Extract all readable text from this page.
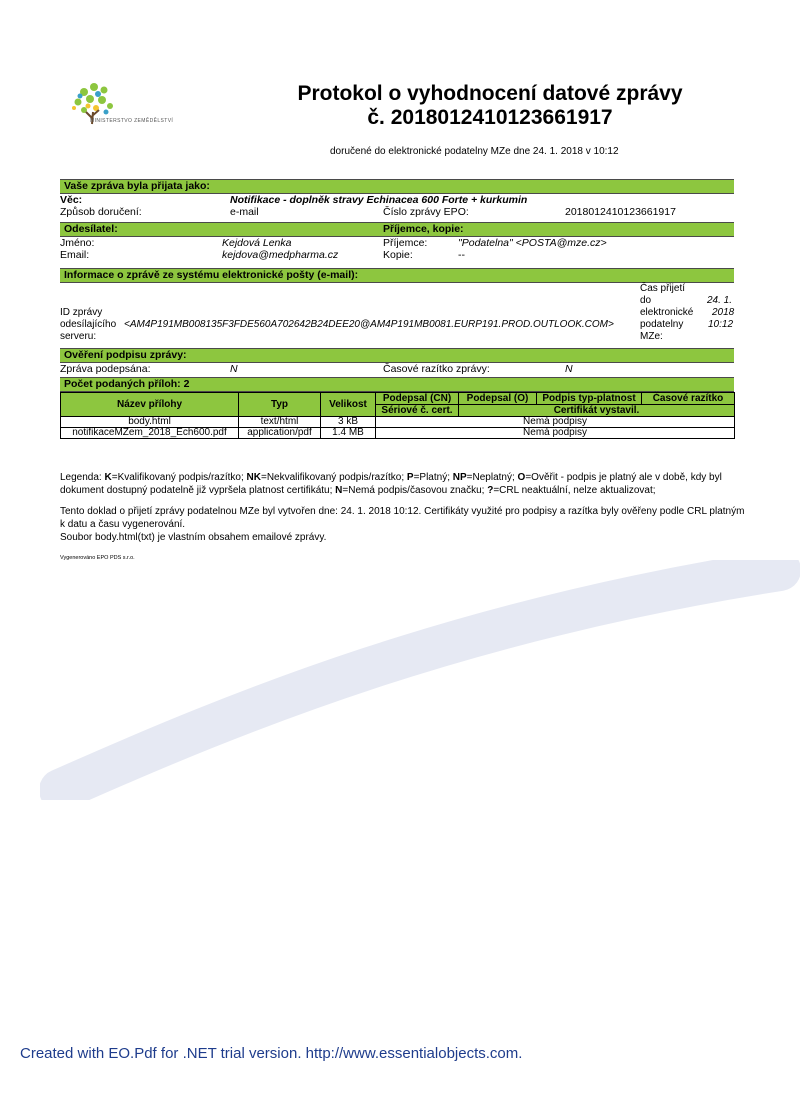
MINISTERSTVO ZEMĚDĚLSTVÍ
Protokol o vyhodnocení datové zprávy
č. 201801241012366191​7
doručené do elektronické podatelny MZe dne 24. 1. 2018 v 10:12
Vaše zpráva byla přijata jako:
Věc:	Notifikace - doplněk stravy Echinacea 600 Forte + kurkumin
Způsob doručení:	e-mail	Číslo zprávy EPO:	201801241012366191​7
Odesílatel:	Příjemce, kopie:
Jméno:	Kejdová Lenka	Příjemce:	"Podatelna" <POSTA@mze.cz>
Email:	kejdova@medpharma.cz	Kopie:	--
Informace o zprávě ze systému elektronické pošty (e-mail):
ID zprávy
odesílajícího
serveru:
<AM4P191MB008135F3FDE560A702642B24DEE20@AM4P191MB0081.EURP191.PROD.OUTLOOK.COM>
Čas přijetí
do
elektronické
podatelny
MZe:
24. 1.
2018
10:12
Ověření podpisu zprávy:
Zpráva podepsána:	N	Časové razítko zprávy:	N
Počet podaných příloh: 2
Název přílohy	Typ	Velikost	Podepsal (CN)	Podepsal (O)	Podpis typ-platnost	Časové razítko
			Sériové č. cert.	Certifikát vystavil.		
body.html	text/html	3 kB	Nemá podpisy			
notifikaceMZem_2018_Ech600.pdf	application/pdf	1.4 MB	Nemá podpisy			
Legenda: K=Kvalifikovaný podpis/razítko; NK=Nekvalifikovaný podpis/razítko; P=Platný; NP=Neplatný; O=Ověřit - podpis je platný ale v době, kdy byl dokument dostupný podatelně již vypršela platnost certifikátu; N=Nemá podpis/časovou značku; ?=CRL neaktuální, nelze aktualizovat;
Tento doklad o přijetí zprávy podatelnou MZe byl vytvořen dne: 24. 1. 2018 10:12. Certifikáty využité pro podpisy a razítka byly ověřeny podle CRL platným k datu a času vygenerování.
Soubor body.html(txt) je vlastním obsahem emailové zprávy.
Vygenerováno EPO PDS s.r.o.
Created with EO.Pdf for .NET trial version. http://www.essentialobjects.com.
